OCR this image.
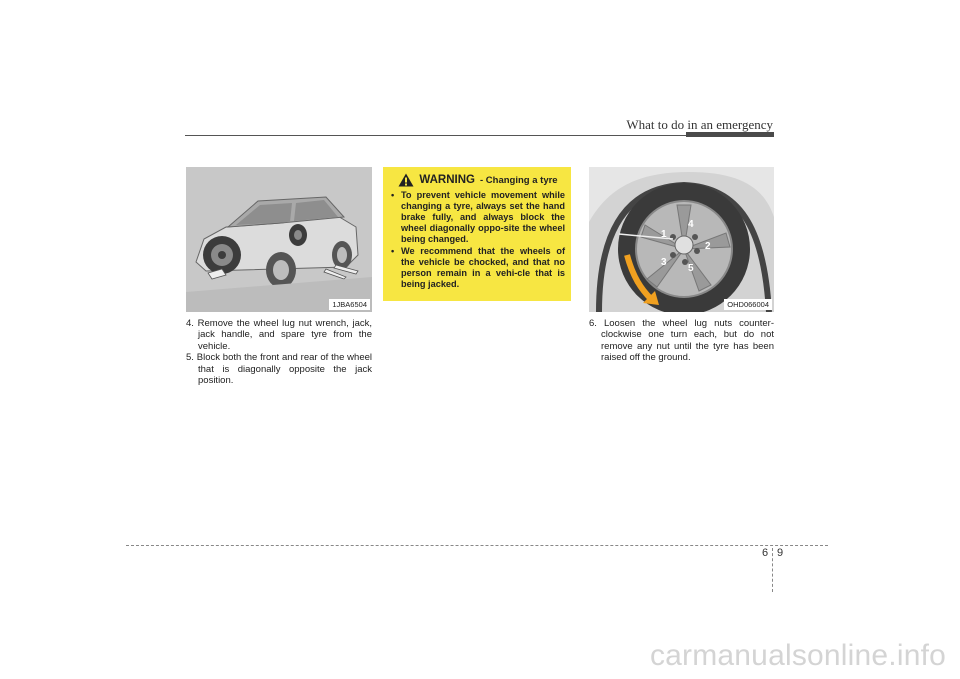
What to do in an emergency
1JBA6504
4. Remove the wheel lug nut wrench, jack, jack handle, and spare tyre from the vehicle.
5. Block both the front and rear of the wheel that is diagonally opposite the jack position.
WARNING - Changing a tyre
• To prevent vehicle movement while changing a tyre, always set the hand brake fully, and always block the wheel diagonally oppo-site the wheel being changed.
• We recommend that the wheels of the vehicle be chocked, and that no person remain in a vehi-cle that is being jacked.
1
2
3
4
5
OHD066004
6. Loosen the wheel lug nuts counter-clockwise one turn each, but do not remove any nut until the tyre has been raised off the ground.
6 9
carmanualsonline.info
